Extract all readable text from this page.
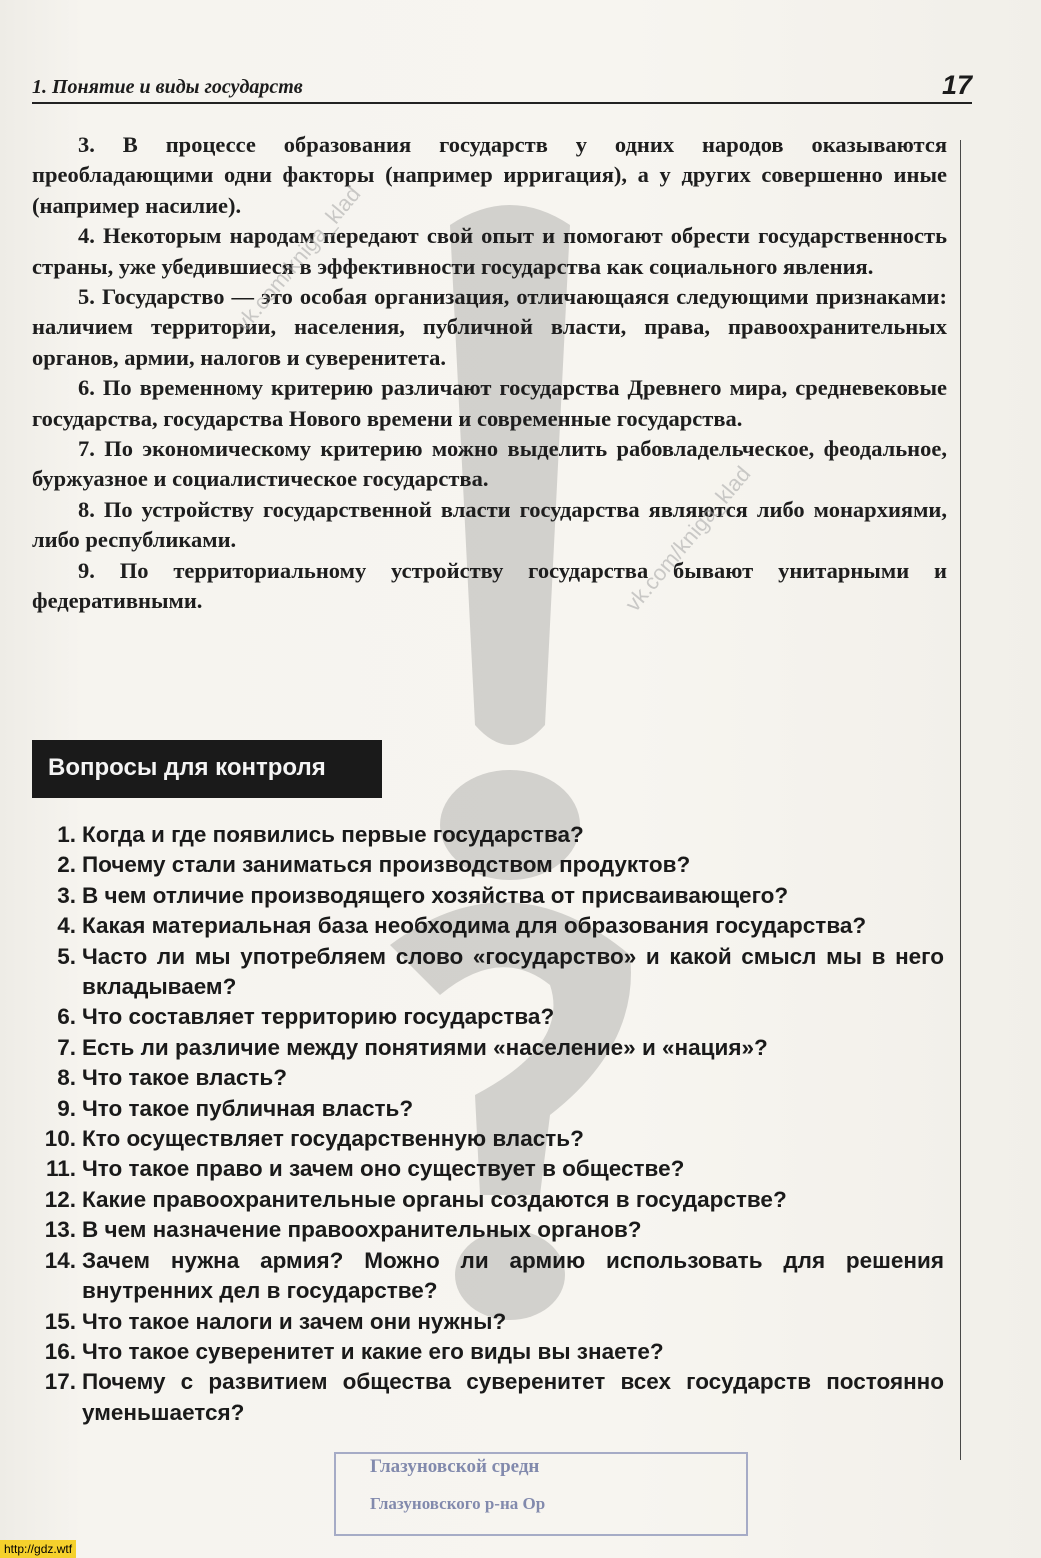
1. Понятие и виды государств	17

3. В процессе образования государств у одних народов оказываются преобладающими одни факторы (например ирригация), а у других совершенно иные (например насилие).

4. Некоторым народам передают свой опыт и помогают обрести государственность страны, уже убедившиеся в эффективности государства как социального явления.

5. Государство — это особая организация, отличающаяся следующими признаками: наличием территории, населения, публичной власти, права, правоохранительных органов, армии, налогов и суверенитета.

6. По временному критерию различают государства Древнего мира, средневековые государства, государства Нового времени и современные государства.

7. По экономическому критерию можно выделить рабовладельческое, феодальное, буржуазное и социалистическое государства.

8. По устройству государственной власти государства являются либо монархиями, либо республиками.

9. По территориальному устройству государства бывают унитарными и федеративными.

Вопросы для контроля
1. Когда и где появились первые государства?
2. Почему стали заниматься производством продуктов?
3. В чем отличие производящего хозяйства от присваивающего?
4. Какая материальная база необходима для образования государства?
5. Часто ли мы употребляем слово «государство» и какой смысл мы в него вкладываем?
6. Что составляет территорию государства?
7. Есть ли различие между понятиями «население» и «нация»?
8. Что такое власть?
9. Что такое публичная власть?
10. Кто осуществляет государственную власть?
11. Что такое право и зачем оно существует в обществе?
12. Какие правоохранительные органы создаются в государстве?
13. В чем назначение правоохранительных органов?
14. Зачем нужна армия? Можно ли армию использовать для решения внутренних дел в государстве?
15. Что такое налоги и зачем они нужны?
16. Что такое суверенитет и какие его виды вы знаете?
17. Почему с развитием общества суверенитет всех государств постоянно уменьшается?
Глазуновской средн
Глазуновского р-на Ор
vk.com/kniga_klad
vk.com/kniga_klad
http://gdz.wtf
